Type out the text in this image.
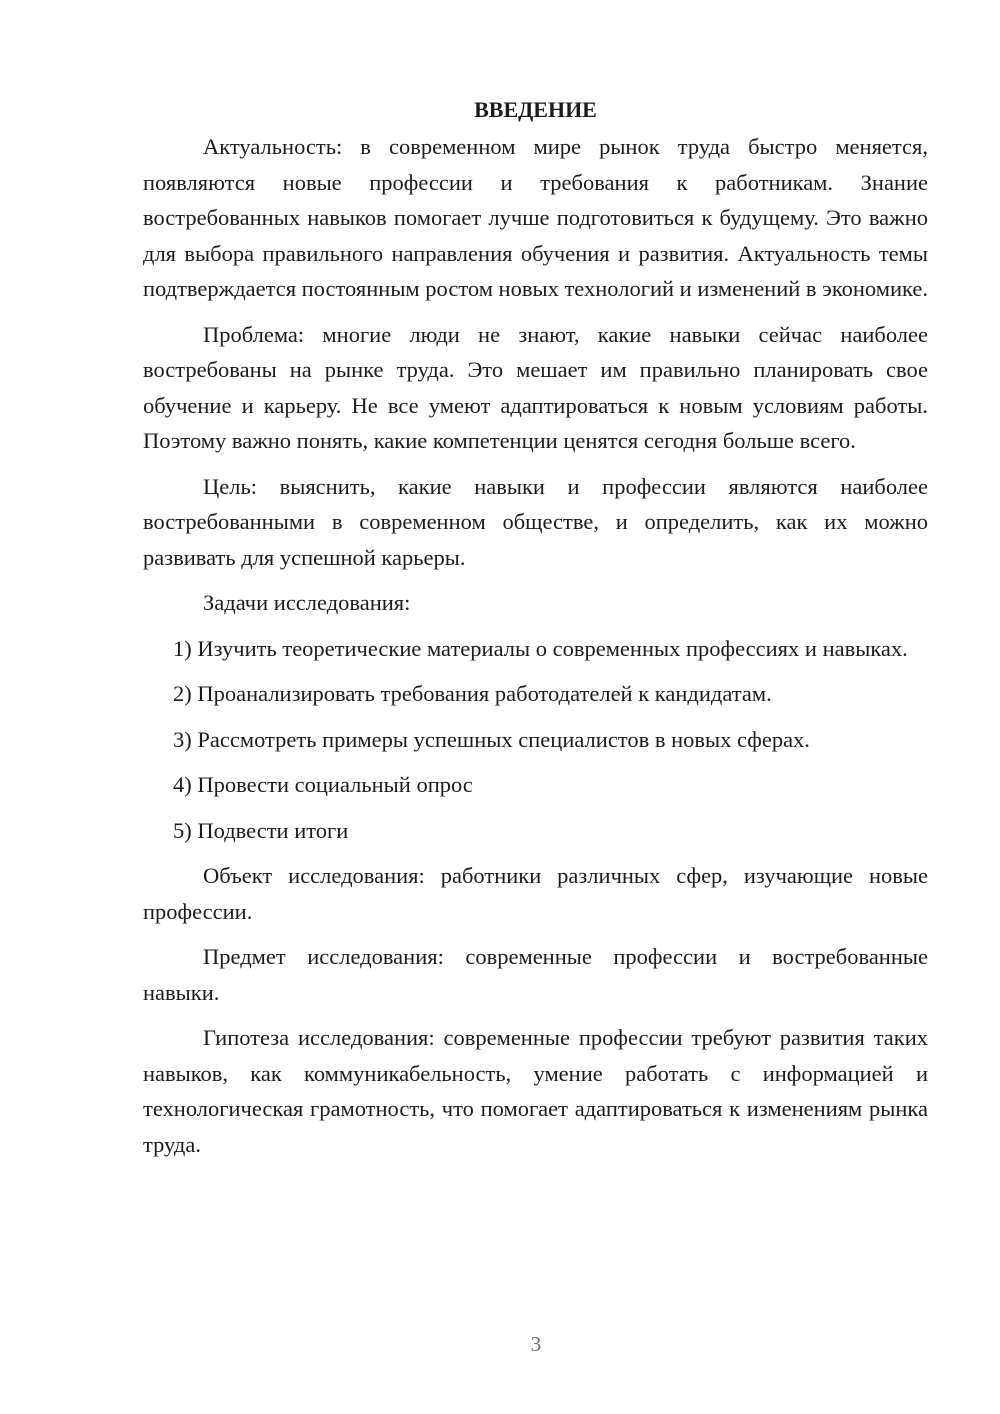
ВВЕДЕНИЕ

Актуальность: в современном мире рынок труда быстро меняется, появляются новые профессии и требования к работникам. Знание востребованных навыков помогает лучше подготовиться к будущему. Это важно для выбора правильного направления обучения и развития. Актуальность темы подтверждается постоянным ростом новых технологий и изменений в экономике.

Проблема: многие люди не знают, какие навыки сейчас наиболее востребованы на рынке труда. Это мешает им правильно планировать свое обучение и карьеру. Не все умеют адаптироваться к новым условиям работы. Поэтому важно понять, какие компетенции ценятся сегодня больше всего.

Цель: выяснить, какие навыки и профессии являются наиболее востребованными в современном обществе, и определить, как их можно развивать для успешной карьеры.

Задачи исследования:

1) Изучить теоретические материалы о современных профессиях и навыках.

2) Проанализировать требования работодателей к кандидатам.

3) Рассмотреть примеры успешных специалистов в новых сферах.

4) Провести социальный опрос

5) Подвести итоги

Объект исследования: работники различных сфер, изучающие новые профессии.

Предмет исследования: современные профессии и востребованные навыки.

Гипотеза исследования: современные профессии требуют развития таких навыков, как коммуникабельность, умение работать с информацией и технологическая грамотность, что помогает адаптироваться к изменениям рынка труда.

3
